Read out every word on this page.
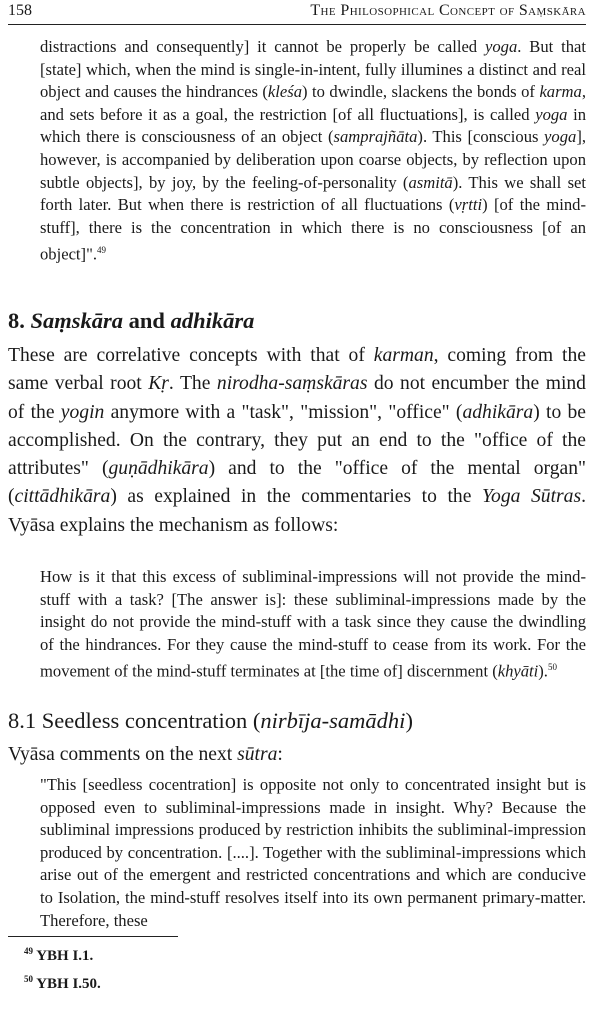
158	The Philosophical Concept of Saṃskāra

distractions and consequently] it cannot be properly be called yoga. But that [state] which, when the mind is single-in-intent, fully illumines a distinct and real object and causes the hindrances (kleśa) to dwindle, slackens the bonds of karma, and sets before it as a goal, the restriction [of all fluctuations], is called yoga in which there is consciousness of an object (samprajñāta). This [conscious yoga], however, is accompanied by deliberation upon coarse objects, by reflection upon subtle objects], by joy, by the feeling-of-personality (asmitā). This we shall set forth later. But when there is restriction of all fluctuations (vṛtti) [of the mind-stuff], there is the concentration in which there is no consciousness [of an object]".$^{49}$

8. Saṃskāra and adhikāra

These are correlative concepts with that of karman, coming from the same verbal root Kṛ. The nirodha-saṃskāras do not encumber the mind of the yogin anymore with a "task", "mission", "office" (adhikāra) to be accomplished. On the contrary, they put an end to the "office of the attributes" (guṇādhikāra) and to the "office of the mental organ" (cittādhikāra) as explained in the commentaries to the Yoga Sūtras. Vyāsa explains the mechanism as follows:

How is it that this excess of subliminal-impressions will not provide the mind-stuff with a task? [The answer is]: these subliminal-impressions made by the insight do not provide the mind-stuff with a task since they cause the dwindling of the hindrances. For they cause the mind-stuff to cease from its work. For the movement of the mind-stuff terminates at [the time of] discernment (khyāti).$^{50}$

8.1 Seedless concentration (nirbīja-samādhi)

Vyāsa comments on the next sūtra:

"This [seedless cocentration] is opposite not only to concentrated insight but is opposed even to subliminal-impressions made in insight. Why? Because the subliminal impressions produced by restriction inhibits the subliminal-impression produced by concentration. [....]. Together with the subliminal-impressions which arise out of the emergent and restricted concentrations and which are conducive to Isolation, the mind-stuff resolves itself into its own permanent primary-matter. Therefore, these

$^{49}$ YBH I.1.
$^{50}$ YBH I.50.
